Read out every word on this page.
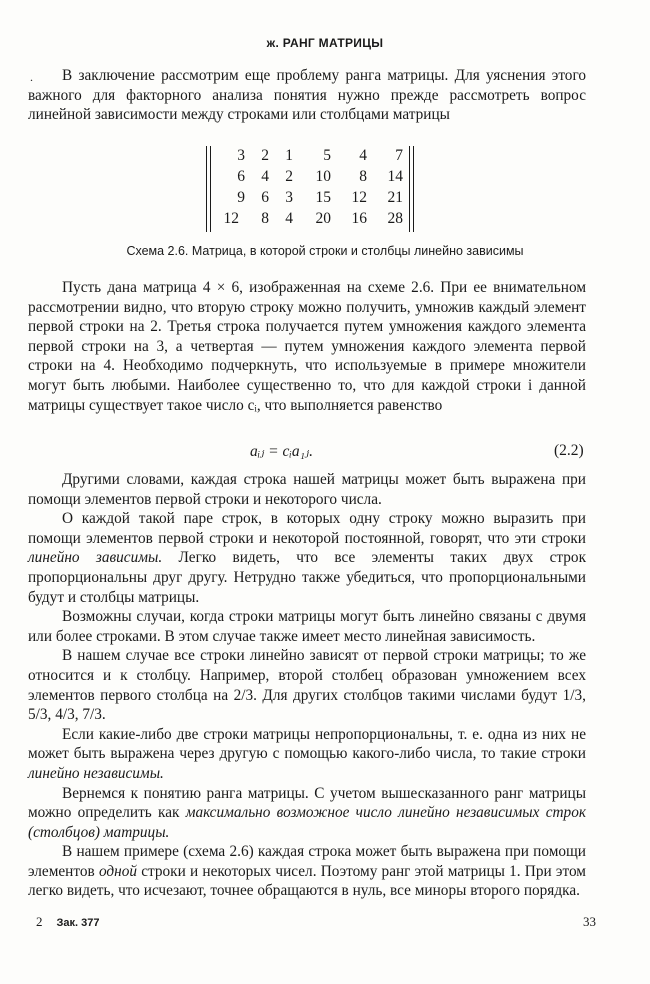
ж. РАНГ МАТРИЦЫ
.	В заключение рассмотрим еще проблему ранга матрицы. Для уяснения этого важного для факторного анализа понятия нужно прежде рассмотреть вопрос линейной зависимости между строками или столбцами матрицы

3	2	1	5	4	7
6	4	2	10	8	14
9	6	3	15	12	21
12	8	4	20	16	28
Схема 2.6. Матрица, в которой строки и столбцы линейно зависимы

Пусть дана матрица 4 × 6, изображенная на схеме 2.6. При ее внимательном рассмотрении видно, что вторую строку можно получить, умножив каждый элемент первой строки на 2. Третья строка получается путем умножения каждого элемента первой строки на 3, а четвертая — путем умножения каждого элемента первой строки на 4. Необходимо подчеркнуть, что используемые в примере множители могут быть любыми. Наиболее существенно то, что для каждой строки i данной матрицы существует такое число cᵢ, что выполняется равенство

aᵢⱼ = cᵢa₁ⱼ.	(2.2)

Другими словами, каждая строка нашей матрицы может быть выражена при помощи элементов первой строки и некоторого числа.

О каждой такой паре строк, в которых одну строку можно выразить при помощи элементов первой строки и некоторой постоянной, говорят, что эти строки линейно зависимы. Легко видеть, что все элементы таких двух строк пропорциональны друг другу. Нетрудно также убедиться, что пропорциональными будут и столбцы матрицы.

Возможны случаи, когда строки матрицы могут быть линейно связаны с двумя или более строками. В этом случае также имеет место линейная зависимость.

В нашем случае все строки линейно зависят от первой строки матрицы; то же относится и к столбцу. Например, второй столбец образован умножением всех элементов первого столбца на 2/3. Для других столбцов такими числами будут 1/3, 5/3, 4/3, 7/3.

Если какие-либо две строки матрицы непропорциональны, т. е. одна из них не может быть выражена через другую с помощью какого-либо числа, то такие строки линейно независимы.

Вернемся к понятию ранга матрицы. С учетом вышесказанного ранг матрицы можно определить как максимально возможное число линейно независимых строк (столбцов) матрицы.

В нашем примере (схема 2.6) каждая строка может быть выражена при помощи элементов одной строки и некоторых чисел. Поэтому ранг этой матрицы 1. При этом легко видеть, что исчезают, точнее обращаются в нуль, все миноры второго порядка.

2 Зак. 377	33
